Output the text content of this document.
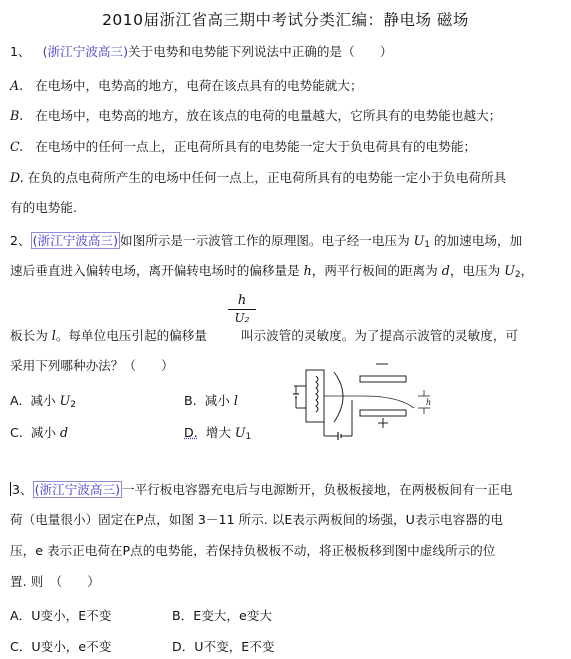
2010届浙江省高三期中考试分类汇编：静电场 磁场
1、 (浙江宁波高三)关于电势和电势能下列说法中正确的是（　　）
A. 在电场中，电势高的地方，电荷在该点具有的电势能就大；
B. 在电场中，电势高的地方，放在该点的电荷的电量越大，它所具有的电势能也越大；
C. 在电场中的任何一点上，正电荷所具有的电势能一定大于负电荷具有的电势能；
D. 在负的点电荷所产生的电场中任何一点上，正电荷所具有的电势能一定小于负电荷所具
有的电势能.
2、 (浙江宁波高三) 如图所示是一示波管工作的原理图。电子经一电压为 $U_1$ 的加速电场，加
速后垂直进入偏转电场，离开偏转电场时的偏移量是 h，两平行板间的距离为 d，电压为 $U_2$，
h
U₂
板长为 l。每单位电压引起的偏移量	叫示波管的灵敏度。为了提高示波管的灵敏度，可
采用下列哪种办法？（　　）
A. 减小 $U_2$	B. 减小 l
C. 减小 d	D. 增大 $U_1$
h
3、 (浙江宁波高三) 一平行板电容器充电后与电源断开，负极板接地，在两极板间有一正电
荷（电量很小）固定在P点，如图 3－11 所示. 以E表示两板间的场强，U表示电容器的电
压，e 表示正电荷在P点的电势能，若保持负极板不动，将正极板移到图中虚线所示的位
置. 则　（　　）
A．U变小，E不变	B．E变大，e变大
C．U变小，e不变	D．U不变，E不变
